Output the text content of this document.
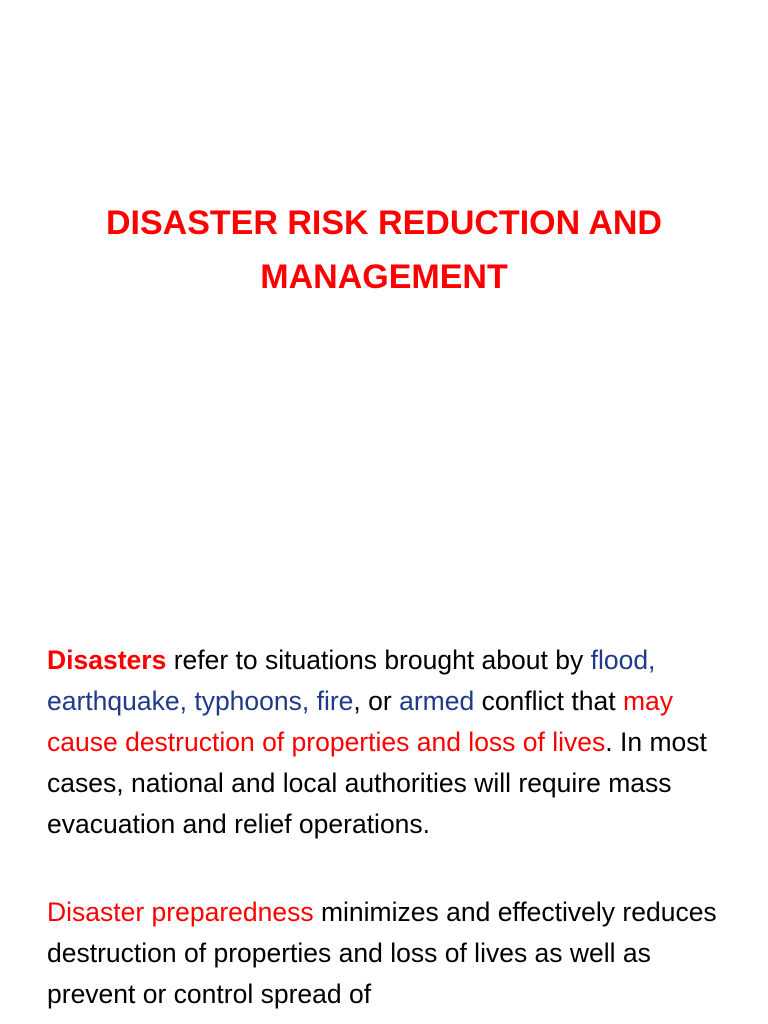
DISASTER RISK REDUCTION AND
MANAGEMENT

Disasters refer to situations brought about by flood, earthquake, typhoons, fire, or armed conflict that may cause destruction of properties and loss of lives. In most cases, national and local authorities will require mass evacuation and relief operations.

Disaster preparedness minimizes and effectively reduces destruction of properties and loss of lives as well as prevent or control spread of
